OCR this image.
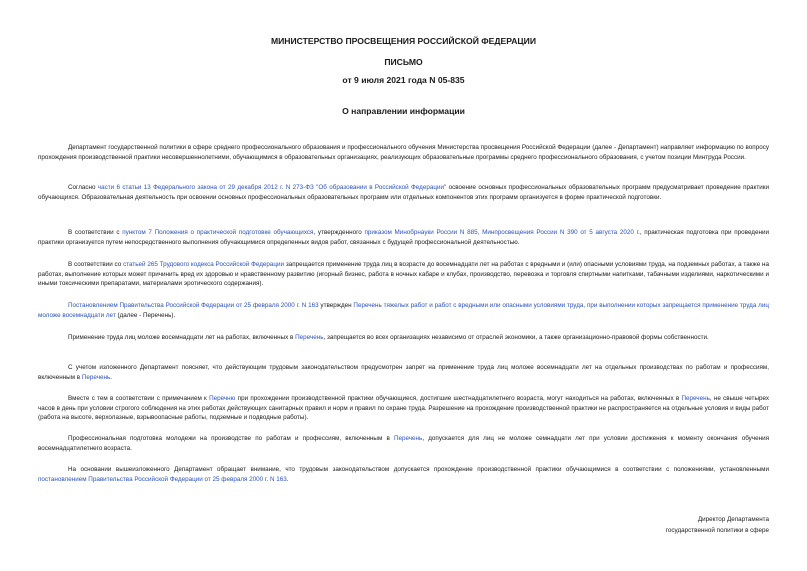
МИНИСТЕРСТВО ПРОСВЕЩЕНИЯ РОССИЙСКОЙ ФЕДЕРАЦИИ
ПИСЬМО
от 9 июля 2021 года N 05-835
О направлении информации

Департамент государственной политики в сфере среднего профессионального образования и профессионального обучения Министерства просвещения Российской Федерации (далее - Департамент) направляет информацию по вопросу прохождения производственной практики несовершеннолетними, обучающимися в образовательных организациях, реализующих образовательные программы среднего профессионального образования, с учетом позиции Минтруда России.

Согласно части 6 статьи 13 Федерального закона от 29 декабря 2012 г. N 273-ФЗ "Об образовании в Российской Федерации" освоение основных профессиональных образовательных программ предусматривает проведение практики обучающихся. Образовательная деятельность при освоении основных профессиональных образовательных программ или отдельных компонентов этих программ организуется в форме практической подготовки.

В соответствии с пунктом 7 Положения о практической подготовке обучающихся, утвержденного приказом Минобрнауки России N 885, Минпросвещения России N 390 от 5 августа 2020 г., практическая подготовка при проведении практики организуется путем непосредственного выполнения обучающимися определенных видов работ, связанных с будущей профессиональной деятельностью.

В соответствии со статьей 265 Трудового кодекса Российской Федерации запрещается применение труда лиц в возрасте до восемнадцати лет на работах с вредными и (или) опасными условиями труда, на подземных работах, а также на работах, выполнение которых может причинить вред их здоровью и нравственному развитию (игорный бизнес, работа в ночных кабаре и клубах, производство, перевозка и торговля спиртными напитками, табачными изделиями, наркотическими и иными токсическими препаратами, материалами эротического содержания).

Постановлением Правительства Российской Федерации от 25 февраля 2000 г. N 163 утвержден Перечень тяжелых работ и работ с вредными или опасными условиями труда, при выполнении которых запрещается применение труда лиц моложе восемнадцати лет (далее - Перечень).

Применение труда лиц моложе восемнадцати лет на работах, включенных в Перечень, запрещается во всех организациях независимо от отраслей экономики, а также организационно-правовой формы собственности.

С учетом изложенного Департамент поясняет, что действующим трудовым законодательством предусмотрен запрет на применение труда лиц моложе восемнадцати лет на отдельных производствах по работам и профессиям, включенным в Перечень.

Вместе с тем в соответствии с примечанием к Перечню при прохождении производственной практики обучающиеся, достигшие шестнадцатилетнего возраста, могут находиться на работах, включенных в Перечень, не свыше четырех часов в день при условии строгого соблюдения на этих работах действующих санитарных правил и норм и правил по охране труда. Разрешение на прохождение производственной практики не распространяется на отдельные условия и виды работ (работа на высоте, верхолазные, взрывоопасные работы, подземные и подводные работы).

Профессиональная подготовка молодежи на производстве по работам и профессиям, включенным в Перечень, допускается для лиц не моложе семнадцати лет при условии достижения к моменту окончания обучения восемнадцатилетнего возраста.

На основании вышеизложенного Департамент обращает внимание, что трудовым законодательством допускается прохождение производственной практики обучающимися в соответствии с положениями, установленными постановлением Правительства Российской Федерации от 25 февраля 2000 г. N 163.

Директор Департамента
государственной политики в сфере
